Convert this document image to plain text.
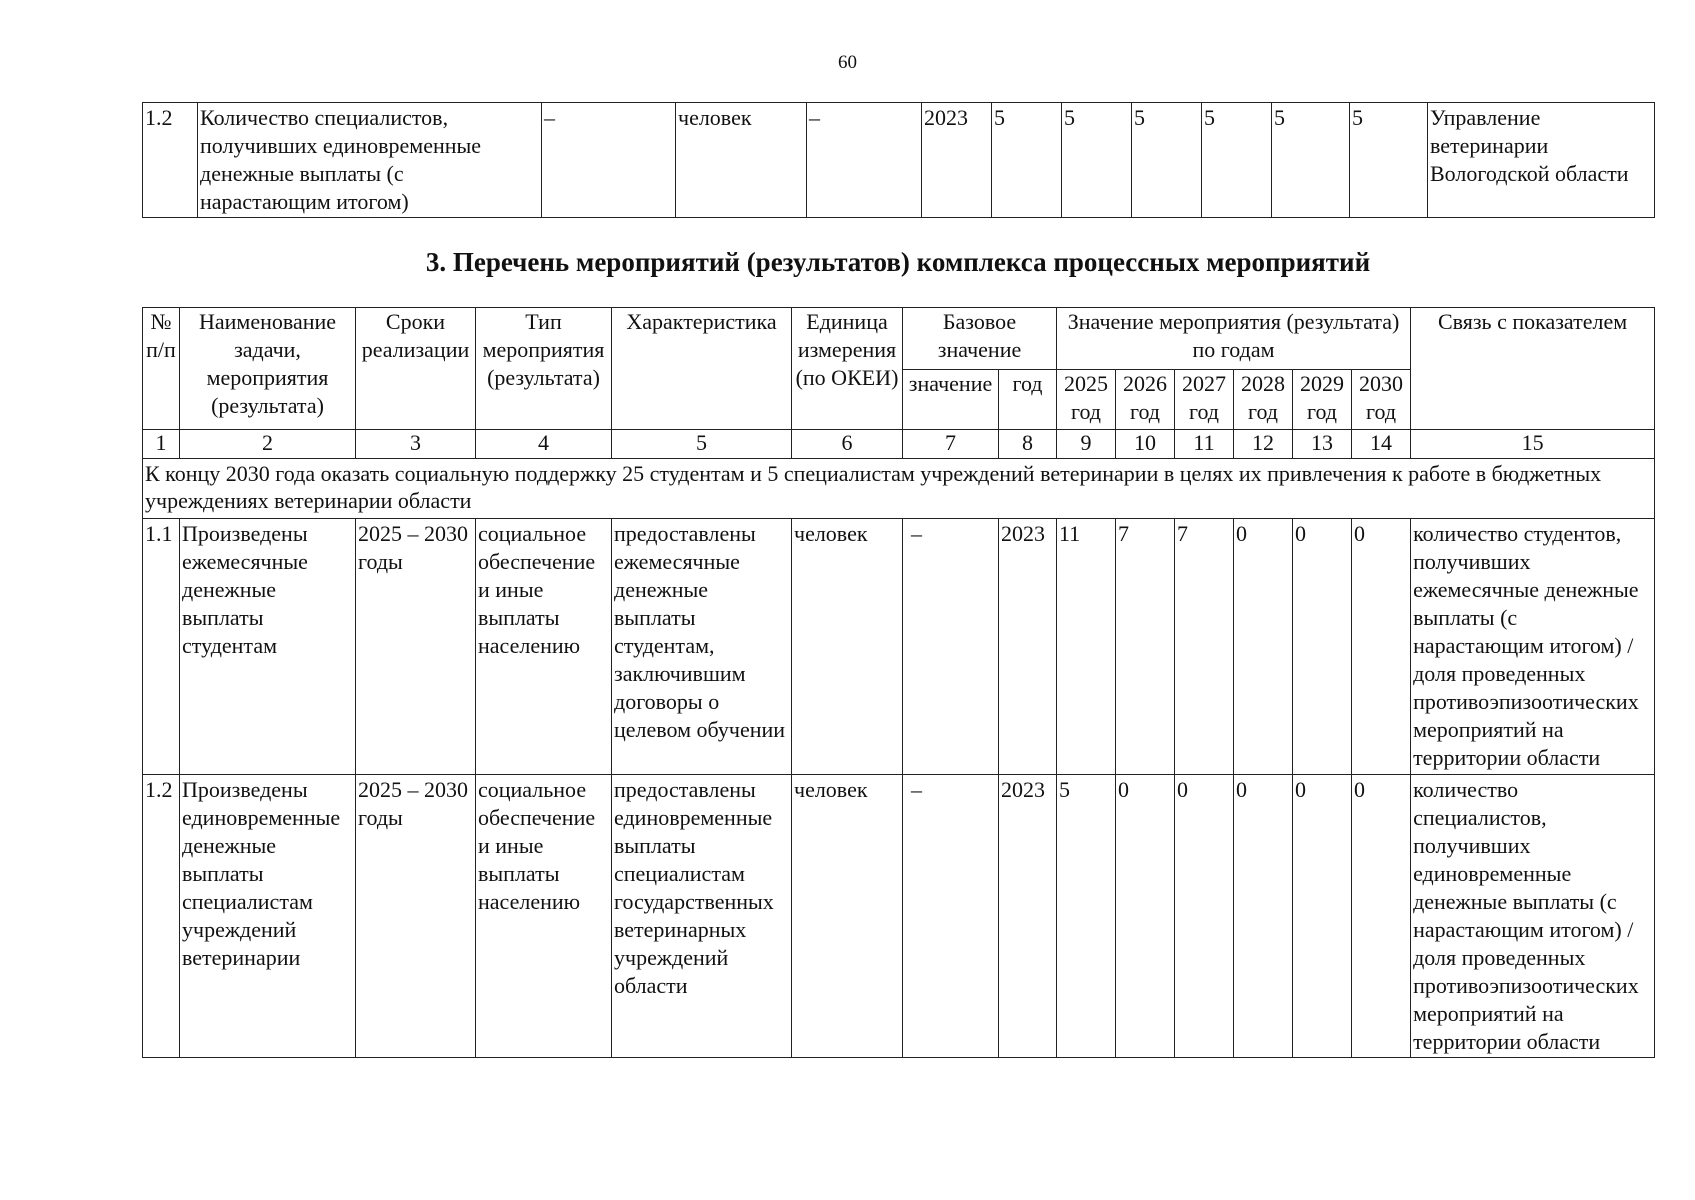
60
1.2	Количество специалистов, получивших единовременные денежные выплаты (с нарастающим итогом)	–	человек	–	2023	5	5	5	5	5	5	Управление ветеринарии Вологодской области
3. Перечень мероприятий (результатов) комплекса процессных мероприятий
№ п/п	Наименование задачи, мероприятия (результата)	Сроки реализации	Тип мероприятия (результата)	Характеристика	Единица измерения (по ОКЕИ)	Базовое значение		Значение мероприятия (результата) по годам						Связь с показателем
						значение	год	2025 год	2026 год	2027 год	2028 год	2029 год	2030 год	
1	2	3	4	5	6	7	8	9	10	11	12	13	14	15
К концу 2030 года оказать социальную поддержку 25 студентам и 5 специалистам учреждений ветеринарии в целях их привлечения к работе в бюджетных учреждениях ветеринарии области														
1.1	Произведены ежемесячные денежные выплаты студентам	2025 – 2030 годы	социальное обеспечение и иные выплаты населению	предоставлены ежемесячные денежные выплаты студентам, заключившим договоры о целевом обучении	человек	–	2023	11	7	7	0	0	0	количество студентов, получивших ежемесячные денежные выплаты (с нарастающим итогом) / доля проведенных противоэпизоотических мероприятий на территории области
1.2	Произведены единовременные денежные выплаты специалистам учреждений ветеринарии	2025 – 2030 годы	социальное обеспечение и иные выплаты населению	предоставлены единовременные выплаты специалистам государственных ветеринарных учреждений области	человек	–	2023	5	0	0	0	0	0	количество специалистов, получивших единовременные денежные выплаты (с нарастающим итогом) / доля проведенных противоэпизоотических мероприятий на территории области
